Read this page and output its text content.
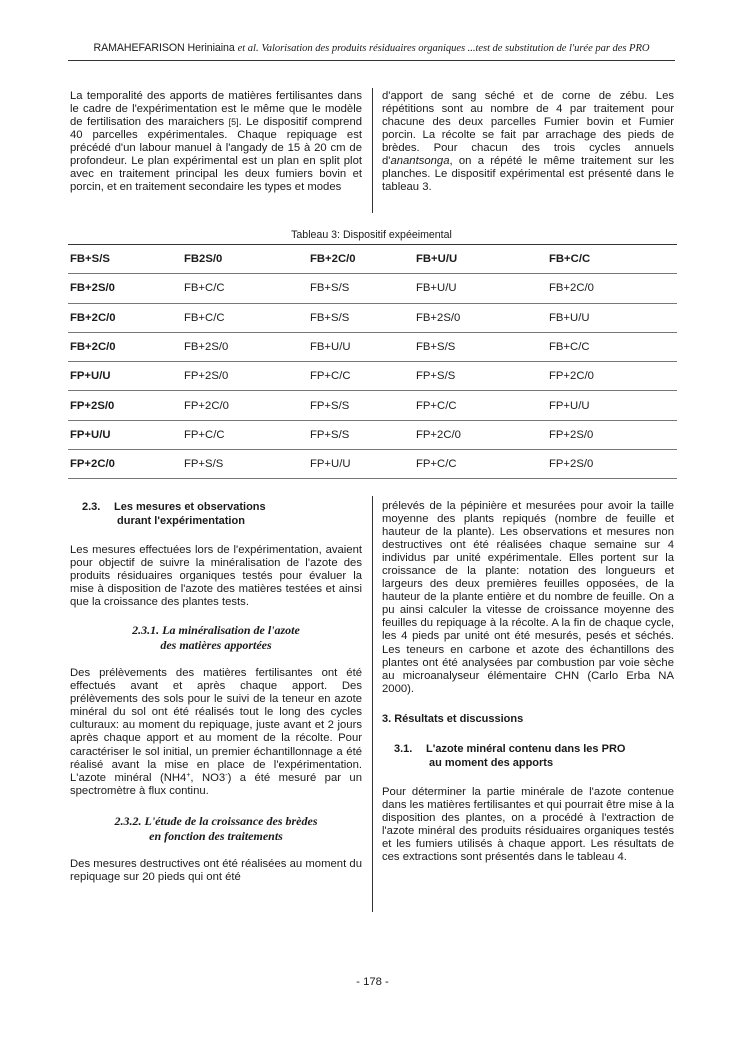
RAMAHEFARISON Heriniaina et al. Valorisation des produits résiduaires organiques ...test de substitution de l'urée par des PRO

La temporalité des apports de matières fertilisantes dans le cadre de l'expérimentation est le même que le modèle de fertilisation des maraichers [5]. Le dispositif comprend 40 parcelles expérimentales. Chaque repiquage est précédé d'un labour manuel à l'angady de 15 à 20 cm de profondeur. Le plan expérimental est un plan en split plot avec en traitement principal les deux fumiers bovin et porcin, et en traitement secondaire les types et modes

d'apport de sang séché et de corne de zébu. Les répétitions sont au nombre de 4 par traitement pour chacune des deux parcelles Fumier bovin et Fumier porcin. La récolte se fait par arrachage des pieds de brèdes. Pour chacun des trois cycles annuels d'anantsonga, on a répété le même traitement sur les planches. Le dispositif expérimental est présenté dans le tableau 3.

Tableau 3: Dispositif expéeimental
FB+S/S	FB2S/0	FB+2C/0	FB+U/U	FB+C/C
FB+2S/0	FB+C/C	FB+S/S	FB+U/U	FB+2C/0
FB+2C/0	FB+C/C	FB+S/S	FB+2S/0	FB+U/U
FB+2C/0	FB+2S/0	FB+U/U	FB+S/S	FB+C/C
FP+U/U	FP+2S/0	FP+C/C	FP+S/S	FP+2C/0
FP+2S/0	FP+2C/0	FP+S/S	FP+C/C	FP+U/U
FP+U/U	FP+C/C	FP+S/S	FP+2C/0	FP+2S/0
FP+2C/0	FP+S/S	FP+U/U	FP+C/C	FP+2S/0
2.3. Les mesures et observations
durant l'expérimentation

Les mesures effectuées lors de l'expérimentation, avaient pour objectif de suivre la minéralisation de l'azote des produits résiduaires organiques testés pour évaluer la mise à disposition de l'azote des matières testées et ainsi que la croissance des plantes tests.

2.3.1. La minéralisation de l'azote
des matières apportées

Des prélèvements des matières fertilisantes ont été effectués avant et après chaque apport. Des prélèvements des sols pour le suivi de la teneur en azote minéral du sol ont été réalisés tout le long des cycles culturaux: au moment du repiquage, juste avant et 2 jours après chaque apport et au moment de la récolte. Pour caractériser le sol initial, un premier échantillonnage a été réalisé avant la mise en place de l'expérimentation. L'azote minéral (NH4+, NO3-) a été mesuré par un spectromètre à flux continu.

2.3.2. L'étude de la croissance des brèdes
en fonction des traitements

Des mesures destructives ont été réalisées au moment du repiquage sur 20 pieds qui ont été

prélevés de la pépinière et mesurées pour avoir la taille moyenne des plants repiqués (nombre de feuille et hauteur de la plante). Les observations et mesures non destructives ont été réalisées chaque semaine sur 4 individus par unité expérimentale. Elles portent sur la croissance de la plante: notation des longueurs et largeurs des deux premières feuilles opposées, de la hauteur de la plante entière et du nombre de feuille. On a pu ainsi calculer la vitesse de croissance moyenne des feuilles du repiquage à la récolte. A la fin de chaque cycle, les 4 pieds par unité ont été mesurés, pesés et séchés. Les teneurs en carbone et azote des échantillons des plantes ont été analysées par combustion par voie sèche au microanalyseur élémentaire CHN (Carlo Erba NA 2000).

3. Résultats et discussions
3.1. L'azote minéral contenu dans les PRO
au moment des apports

Pour déterminer la partie minérale de l'azote contenue dans les matières fertilisantes et qui pourrait être mise à la disposition des plantes, on a procédé à l'extraction de l'azote minéral des produits résiduaires organiques testés et les fumiers utilisés à chaque apport. Les résultats de ces extractions sont présentés dans le tableau 4.

- 178 -
